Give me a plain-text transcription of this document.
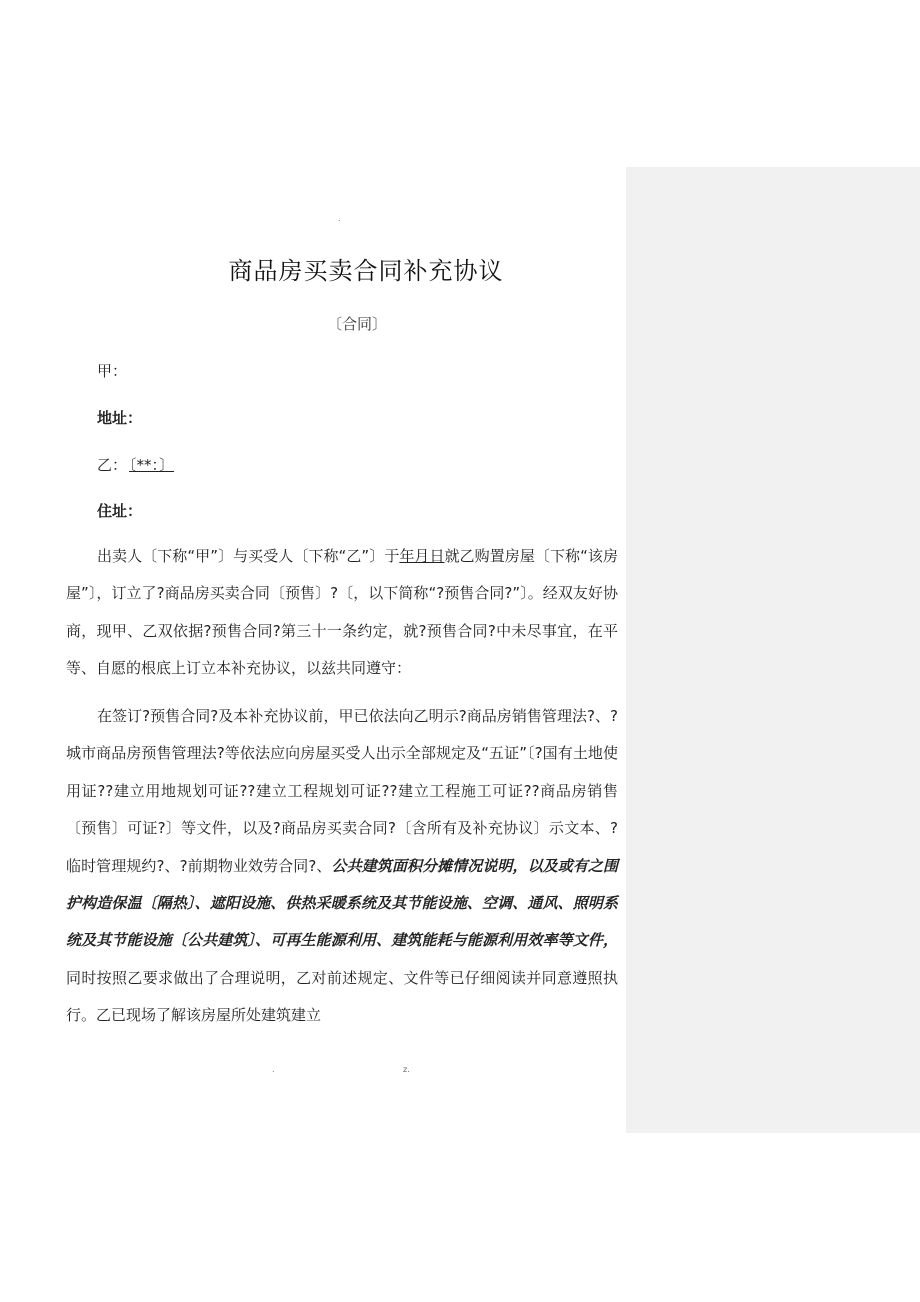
.
商品房买卖合同补充协议
〔合同〕
甲：
地址：
乙： 〔**：〕
住址：
出卖人〔下称“甲”〕与买受人〔下称“乙”〕于年月日就乙购置房屋〔下称“该房屋”〕，订立了?商品房买卖合同〔预售〕?〔，以下简称“?预售合同?”〕。经双友好协商，现甲、乙双依据?预售合同?第三十一条约定，就?预售合同?中未尽事宜，在平等、自愿的根底上订立本补充协议，以兹共同遵守：
在签订?预售合同?及本补充协议前，甲已依法向乙明示?商品房销售管理法?、?城市商品房预售管理法?等依法应向房屋买受人出示全部规定及“五证”〔?国有土地使用证??建立用地规划可证??建立工程规划可证??建立工程施工可证??商品房销售〔预售〕可证?〕等文件，以及?商品房买卖合同?〔含所有及补充协议〕示文本、?临时管理规约?、?前期物业效劳合同?、公共建筑面积分摊情况说明，以及或有之围护构造保温〔隔热〕、遮阳设施、供热采暖系统及其节能设施、空调、通风、照明系统及其节能设施〔公共建筑〕、可再生能源利用、建筑能耗与能源利用效率等文件，同时按照乙要求做出了合理说明，乙对前述规定、文件等已仔细阅读并同意遵照执行。乙已现场了解该房屋所处建筑建立
.	z.
